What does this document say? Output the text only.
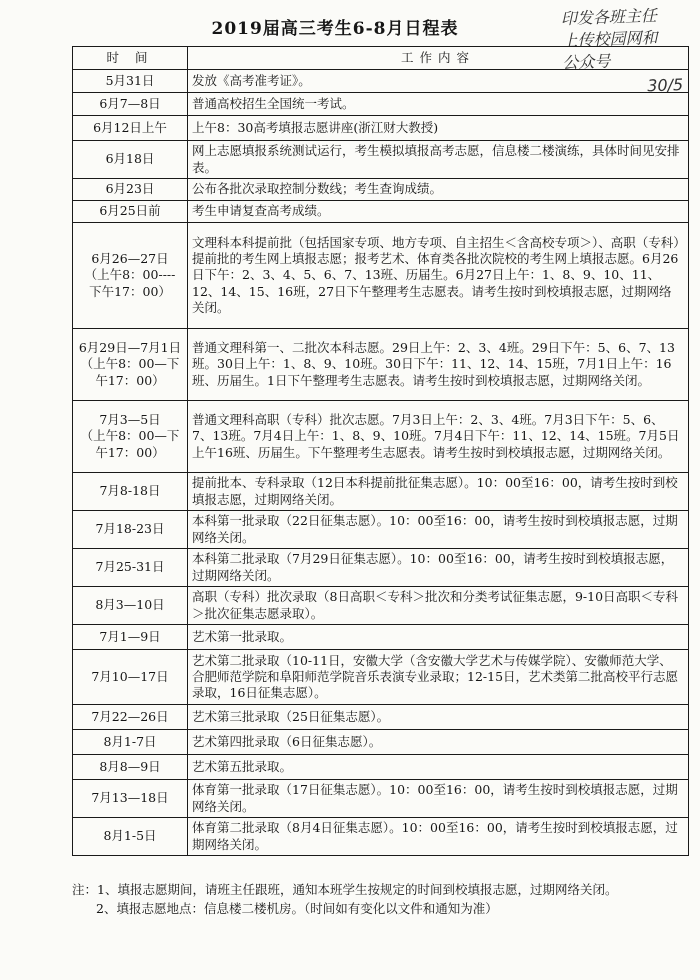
2019届高三考生6-8月日程表
印发各班主任
上传校园网和
公众号
30/5
时 间	工作内容
5月31日	发放《高考准考证》。
6月7—8日	普通高校招生全国统一考试。
6月12日上午	上午8：30高考填报志愿讲座(浙江财大教授)
6月18日	网上志愿填报系统测试运行，考生模拟填报高考志愿，信息楼二楼演练，具体时间见安排表。
6月23日	公布各批次录取控制分数线；考生查询成绩。
6月25日前	考生申请复查高考成绩。
6月26—27日
（上午8：00----
下午17：00）	文理科本科提前批（包括国家专项、地方专项、自主招生＜含高校专项＞）、高职（专科）提前批的考生网上填报志愿；报考艺术、体育类各批次院校的考生网上填报志愿。6月26日下午：2、3、4、5、6、7、13班、历届生。6月27日上午：1、8、9、10、11、12、14、15、16班，27日下午整理考生志愿表。请考生按时到校填报志愿，过期网络关闭。
6月29日—7月1日
（上午8：00—下
午17：00）	普通文理科第一、二批次本科志愿。29日上午：2、3、4班。29日下午：5、6、7、13班。30日上午：1、8、9、10班。30日下午：11、12、14、15班，7月1日上午：16班、历届生。1日下午整理考生志愿表。请考生按时到校填报志愿，过期网络关闭。
7月3—5日
（上午8：00—下
午17：00）	普通文理科高职（专科）批次志愿。7月3日上午：2、3、4班。7月3日下午：5、6、7、13班。7月4日上午：1、8、9、10班。7月4日下午：11、12、14、15班。7月5日上午16班、历届生。下午整理考生志愿表。请考生按时到校填报志愿，过期网络关闭。
7月8-18日	提前批本、专科录取（12日本科提前批征集志愿）。10：00至16：00，请考生按时到校填报志愿，过期网络关闭。
7月18-23日	本科第一批录取（22日征集志愿）。10：00至16：00，请考生按时到校填报志愿，过期网络关闭。
7月25-31日	本科第二批录取（7月29日征集志愿）。10：00至16：00，请考生按时到校填报志愿，过期网络关闭。
8月3—10日	高职（专科）批次录取（8日高职＜专科＞批次和分类考试征集志愿，9-10日高职＜专科＞批次征集志愿录取）。
7月1—9日	艺术第一批录取。
7月10—17日	艺术第二批录取（10-11日，安徽大学（含安徽大学艺术与传媒学院）、安徽师范大学、合肥师范学院和阜阳师范学院音乐表演专业录取；12-15日，艺术类第二批高校平行志愿录取，16日征集志愿）。
7月22—26日	艺术第三批录取（25日征集志愿）。
8月1-7日	艺术第四批录取（6日征集志愿）。
8月8—9日	艺术第五批录取。
7月13—18日	体育第一批录取（17日征集志愿）。10：00至16：00，请考生按时到校填报志愿，过期网络关闭。
8月1-5日	体育第二批录取（8月4日征集志愿）。10：00至16：00，请考生按时到校填报志愿，过期网络关闭。
注：1、填报志愿期间，请班主任跟班，通知本班学生按规定的时间到校填报志愿，过期网络关闭。
2、填报志愿地点：信息楼二楼机房。（时间如有变化以文件和通知为准）
